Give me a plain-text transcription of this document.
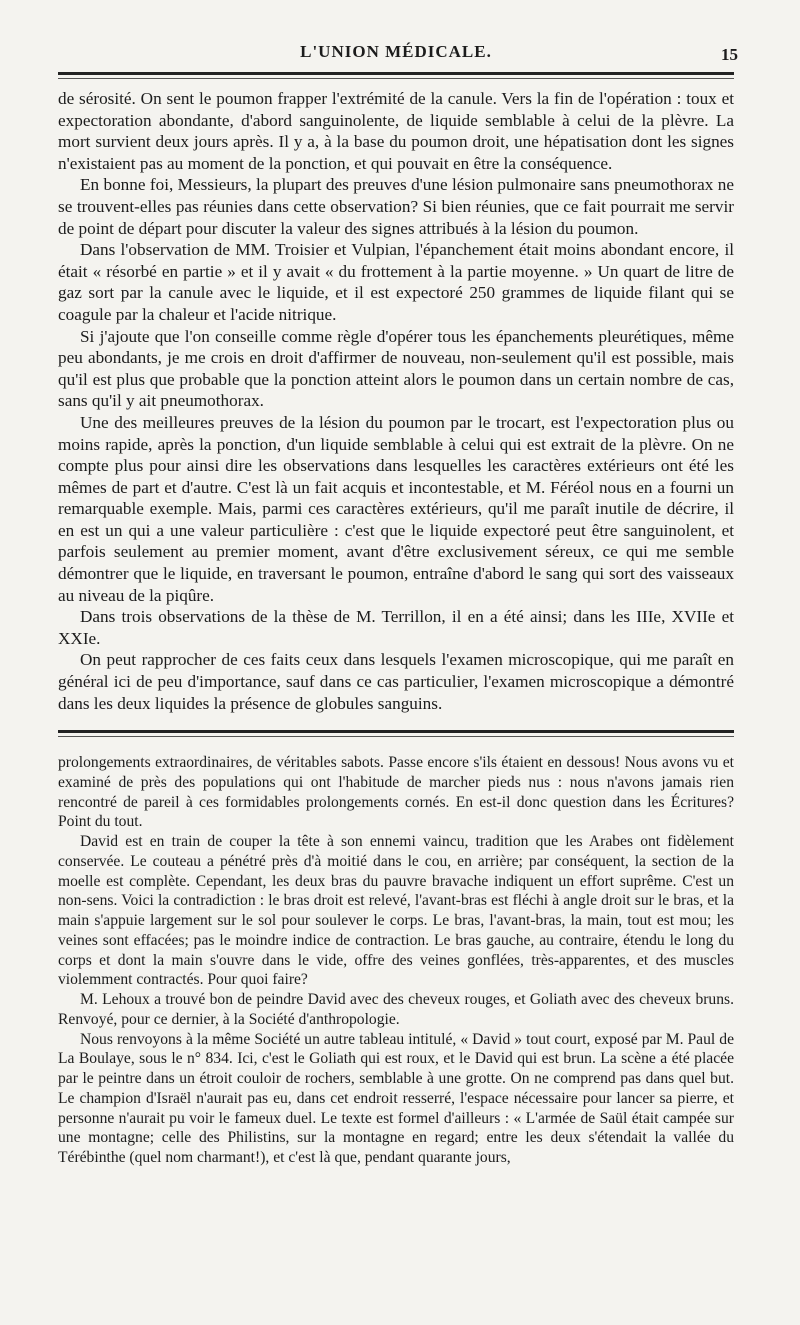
L'UNION MÉDICALE.	15

de sérosité. On sent le poumon frapper l'extrémité de la canule. Vers la fin de l'opération : toux et expectoration abondante, d'abord sanguinolente, de liquide semblable à celui de la plèvre. La mort survient deux jours après. Il y a, à la base du poumon droit, une hépatisation dont les signes n'existaient pas au moment de la ponction, et qui pouvait en être la conséquence.

En bonne foi, Messieurs, la plupart des preuves d'une lésion pulmonaire sans pneumothorax ne se trouvent-elles pas réunies dans cette observation? Si bien réunies, que ce fait pourrait me servir de point de départ pour discuter la valeur des signes attribués à la lésion du poumon.

Dans l'observation de MM. Troisier et Vulpian, l'épanchement était moins abondant encore, il était « résorbé en partie » et il y avait « du frottement à la partie moyenne. » Un quart de litre de gaz sort par la canule avec le liquide, et il est expectoré 250 grammes de liquide filant qui se coagule par la chaleur et l'acide nitrique.

Si j'ajoute que l'on conseille comme règle d'opérer tous les épanchements pleurétiques, même peu abondants, je me crois en droit d'affirmer de nouveau, non-seulement qu'il est possible, mais qu'il est plus que probable que la ponction atteint alors le poumon dans un certain nombre de cas, sans qu'il y ait pneumothorax.

Une des meilleures preuves de la lésion du poumon par le trocart, est l'expectoration plus ou moins rapide, après la ponction, d'un liquide semblable à celui qui est extrait de la plèvre. On ne compte plus pour ainsi dire les observations dans lesquelles les caractères extérieurs ont été les mêmes de part et d'autre. C'est là un fait acquis et incontestable, et M. Féréol nous en a fourni un remarquable exemple. Mais, parmi ces caractères extérieurs, qu'il me paraît inutile de décrire, il en est un qui a une valeur particulière : c'est que le liquide expectoré peut être sanguinolent, et parfois seulement au premier moment, avant d'être exclusivement séreux, ce qui me semble démontrer que le liquide, en traversant le poumon, entraîne d'abord le sang qui sort des vaisseaux au niveau de la piqûre.

Dans trois observations de la thèse de M. Terrillon, il en a été ainsi; dans les IIIe, XVIIe et XXIe.

On peut rapprocher de ces faits ceux dans lesquels l'examen microscopique, qui me paraît en général ici de peu d'importance, sauf dans ce cas particulier, l'examen microscopique a démontré dans les deux liquides la présence de globules sanguins.

prolongements extraordinaires, de véritables sabots. Passe encore s'ils étaient en dessous! Nous avons vu et examiné de près des populations qui ont l'habitude de marcher pieds nus : nous n'avons jamais rien rencontré de pareil à ces formidables prolongements cornés. En est-il donc question dans les Écritures? Point du tout.

David est en train de couper la tête à son ennemi vaincu, tradition que les Arabes ont fidèlement conservée. Le couteau a pénétré près d'à moitié dans le cou, en arrière; par conséquent, la section de la moelle est complète. Cependant, les deux bras du pauvre bravache indiquent un effort suprême. C'est un non-sens. Voici la contradiction : le bras droit est relevé, l'avant-bras est fléchi à angle droit sur le bras, et la main s'appuie largement sur le sol pour soulever le corps. Le bras, l'avant-bras, la main, tout est mou; les veines sont effacées; pas le moindre indice de contraction. Le bras gauche, au contraire, étendu le long du corps et dont la main s'ouvre dans le vide, offre des veines gonflées, très-apparentes, et des muscles violemment contractés. Pour quoi faire?

M. Lehoux a trouvé bon de peindre David avec des cheveux rouges, et Goliath avec des cheveux bruns. Renvoyé, pour ce dernier, à la Société d'anthropologie.

Nous renvoyons à la même Société un autre tableau intitulé, « David » tout court, exposé par M. Paul de La Boulaye, sous le n° 834. Ici, c'est le Goliath qui est roux, et le David qui est brun. La scène a été placée par le peintre dans un étroit couloir de rochers, semblable à une grotte. On ne comprend pas dans quel but. Le champion d'Israël n'aurait pas eu, dans cet endroit resserré, l'espace nécessaire pour lancer sa pierre, et personne n'aurait pu voir le fameux duel. Le texte est formel d'ailleurs : « L'armée de Saül était campée sur une montagne; celle des Philistins, sur la montagne en regard; entre les deux s'étendait la vallée du Térébinthe (quel nom charmant!), et c'est là que, pendant quarante jours,
